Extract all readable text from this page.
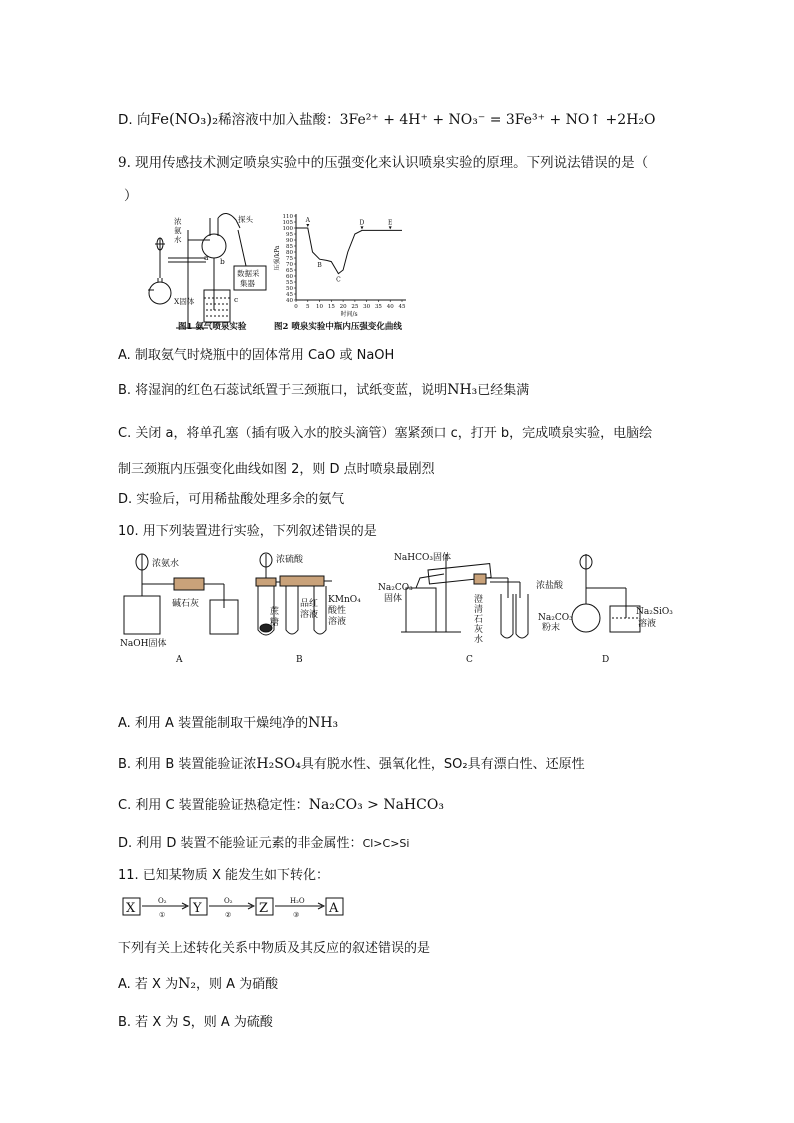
D. 向Fe(NO₃)₂稀溶液中加入盐酸：3Fe²⁺ + 4H⁺ + NO₃⁻ = 3Fe³⁺ + NO↑ +2H₂O
9. 现用传感技术测定喷泉实验中的压强变化来认识喷泉实验的原理。下列说法错误的是（
）
浓
氨
水
探头
数据采
集器
X固体
a b
c
图1 氨气喷泉实验
110
105
100
95
90
85
80
75
70
65
60
55
50
45
40
0 5 10 15 20 25 30 35 40 45
压强/kPa
时间/s
A
B
C
D	E
图2 喷泉实验中瓶内压强变化曲线
A. 制取氨气时烧瓶中的固体常用 CaO 或 NaOH
B. 将湿润的红色石蕊试纸置于三颈瓶口，试纸变蓝，说明NH₃已经集满
C. 关闭 a，将单孔塞（插有吸入水的胶头滴管）塞紧颈口 c，打开 b，完成喷泉实验，电脑绘
制三颈瓶内压强变化曲线如图 2，则 D 点时喷泉最剧烈
D. 实验后，可用稀盐酸处理多余的氨气
10. 用下列装置进行实验，下列叙述错误的是
浓氨水
碱石灰
NaOH固体
A
浓硫酸
蔗
糖
品红
溶液
KMnO₄
酸性
溶液
B
NaHCO₃固体
Na₂CO₃
固体	澄
清
石
灰
水
C
浓盐酸
Na₂CO₃
粉末
Na₂SiO₃
溶液
D
A. 利用 A 装置能制取干燥纯净的NH₃
B. 利用 B 装置能验证浓H₂SO₄具有脱水性、强氧化性，SO₂具有漂白性、还原性
C. 利用 C 装置能验证热稳定性：Na₂CO₃ > NaHCO₃
D. 利用 D 装置不能验证元素的非金属性：Cl>C>Si
11. 已知某物质 X 能发生如下转化：
X	Y	Z	A
O₂	O₂	H₂O
①	②	③
下列有关上述转化关系中物质及其反应的叙述错误的是
A. 若 X 为N₂，则 A 为硝酸
B. 若 X 为 S，则 A 为硫酸
